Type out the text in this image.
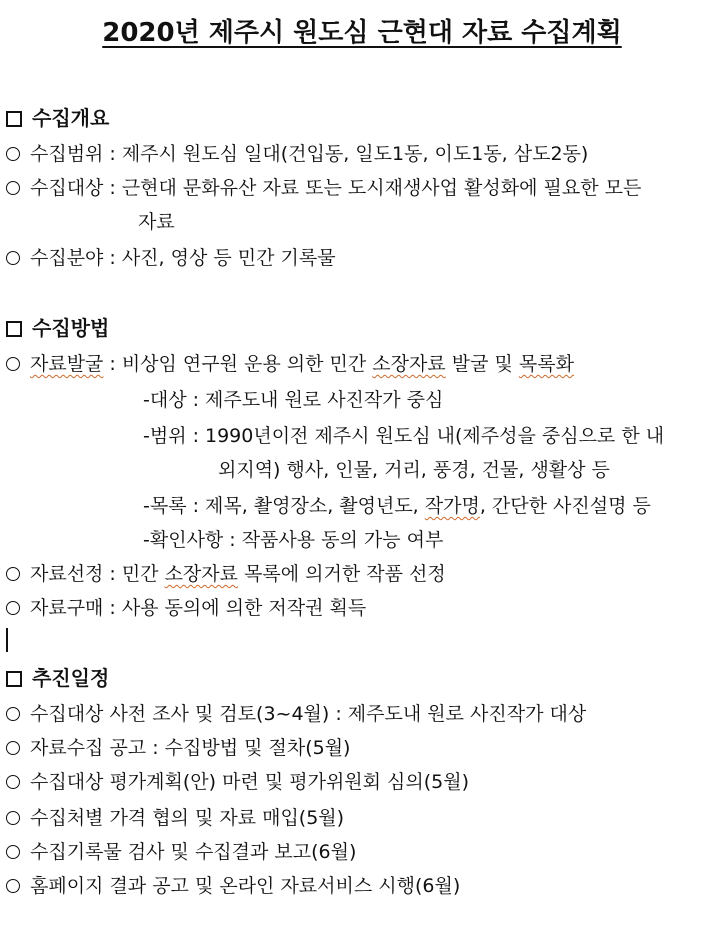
2020년 제주시 원도심 근현대 자료 수집계획
수집개요
수집범위 : 제주시 원도심 일대(건입동, 일도1동, 이도1동, 삼도2동)
수집대상 : 근현대 문화유산 자료 또는 도시재생사업 활성화에 필요한 모든
자료
수집분야 : 사진, 영상 등 민간 기록물
수집방법
자료발굴 : 비상임 연구원 운용 의한 민간 소장자료 발굴 및 목록화
-대상 : 제주도내 원로 사진작가 중심
-범위 : 1990년이전 제주시 원도심 내(제주성을 중심으로 한 내
외지역) 행사, 인물, 거리, 풍경, 건물, 생활상 등
-목록 : 제목, 촬영장소, 촬영년도, 작가명, 간단한 사진설명 등
-확인사항 : 작품사용 동의 가능 여부
자료선정 : 민간 소장자료 목록에 의거한 작품 선정
자료구매 : 사용 동의에 의한 저작권 획득
추진일정
수집대상 사전 조사 및 검토(3~4월) : 제주도내 원로 사진작가 대상
자료수집 공고 : 수집방법 및 절차(5월)
수집대상 평가계획(안) 마련 및 평가위원회 심의(5월)
수집처별 가격 협의 및 자료 매입(5월)
수집기록물 검사 및 수집결과 보고(6월)
홈페이지 결과 공고 및 온라인 자료서비스 시행(6월)
